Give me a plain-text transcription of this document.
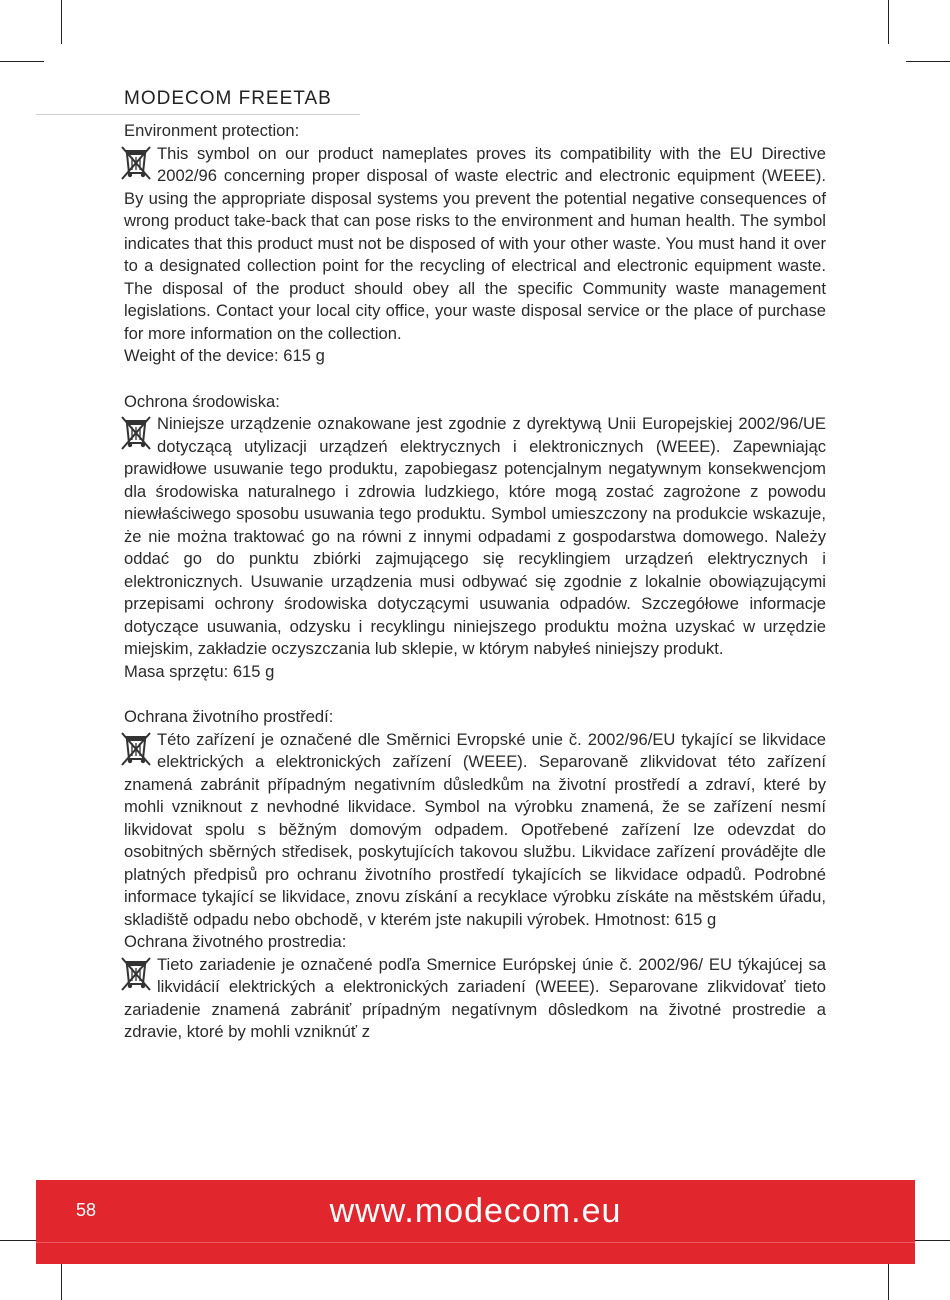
MODECOM FREETAB

Environment protection:

This symbol on our product nameplates proves its compatibility with the EU Directive 2002/96 concerning proper disposal of waste electric and electronic equipment (WEEE). By using the appropriate disposal systems you prevent the potential negative consequences of wrong product take-back that can pose risks to the environment and human health. The symbol indicates that this product must not be disposed of with your other waste. You must hand it over to a designated collection point for the recycling of electrical and electronic equipment waste. The disposal of the product should obey all the specific Community waste management legislations. Contact your local city office, your waste disposal service or the place of purchase for more information on the collection.

Weight of the device: 615 g

Ochrona środowiska:

Niniejsze urządzenie oznakowane jest zgodnie z dyrektywą Unii Europejskiej 2002/96/UE dotyczącą utylizacji urządzeń elektrycznych i elektronicznych (WEEE). Zapewniając prawidłowe usuwanie tego produktu, zapobiegasz potencjalnym negatywnym konsekwencjom dla środowiska naturalnego i zdrowia ludzkiego, które mogą zostać zagrożone z powodu niewłaściwego sposobu usuwania tego produktu. Symbol umieszczony na produkcie wskazuje, że nie można traktować go na równi z innymi odpadami z gospodarstwa domowego. Należy oddać go do punktu zbiórki zajmującego się recyklingiem urządzeń elektrycznych i elektronicznych. Usuwanie urządzenia musi odbywać się zgodnie z lokalnie obowiązującymi przepisami ochrony środowiska dotyczącymi usuwania odpadów. Szczegółowe informacje dotyczące usuwania, odzysku i recyklingu niniejszego produktu można uzyskać w urzędzie miejskim, zakładzie oczyszczania lub sklepie, w którym nabyłeś niniejszy produkt.

Masa sprzętu: 615 g

Ochrana životního prostředí:

Této zařízení je označené dle Směrnici Evropské unie č. 2002/96/EU tykající se likvidace elektrických a elektronických zařízení (WEEE). Separovaně zlikvidovat této zařízení znamená zabránit případným negativním důsledkům na životní prostředí a zdraví, které by mohli vzniknout z nevhodné likvidace. Symbol na výrobku znamená, že se zařízení nesmí likvidovat spolu s běžným domovým odpadem. Opotřebené zařízení lze odevzdat do osobitných sběrných středisek, poskytujících takovou službu. Likvidace zařízení provádějte dle platných předpisů pro ochranu životního prostředí tykajících se likvidace odpadů. Podrobné informace tykající se likvidace, znovu získání a recyklace výrobku získáte na městském úřadu, skladiště odpadu nebo obchodě, v kterém jste nakupili výrobek. Hmotnost: 615 g

Ochrana životného prostredia:

Tieto zariadenie je označené podľa Smernice Európskej únie č. 2002/96/ EU týkajúcej sa likvidácií elektrických a elektronických zariadení (WEEE). Separovane zlikvidovať tieto zariadenie znamená zabrániť prípadným negatívnym dôsledkom na životné prostredie a zdravie, ktoré by mohli vzniknúť z

58	www.modecom.eu
